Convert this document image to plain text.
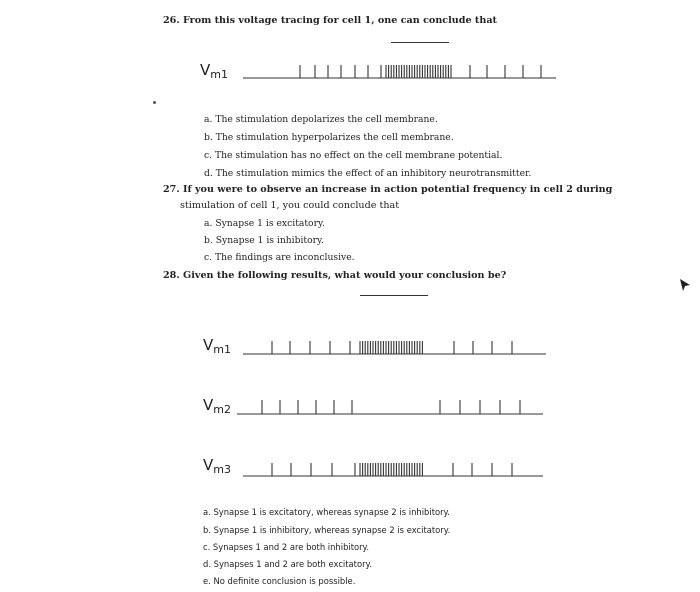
26. From this voltage tracing for cell 1, one can conclude that
$V_{m1}$
a. The stimulation depolarizes the cell membrane.
b. The stimulation hyperpolarizes the cell membrane.
c. The stimulation has no effect on the cell membrane potential.
d. The stimulation mimics the effect of an inhibitory neurotransmitter.
27. If you were to observe an increase in action potential frequency in cell 2 during
stimulation of cell 1, you could conclude that
a. Synapse 1 is excitatory.
b. Synapse 1 is inhibitory.
c. The findings are inconclusive.
28. Given the following results, what would your conclusion be?
$V_{m1}$
$V_{m2}$
$V_{m3}$
a. Synapse 1 is excitatory, whereas synapse 2 is inhibitory.
b. Synapse 1 is inhibitory, whereas synapse 2 is excitatory.
c. Synapses 1 and 2 are both inhibitory.
d. Synapses 1 and 2 are both excitatory.
e. No definite conclusion is possible.
